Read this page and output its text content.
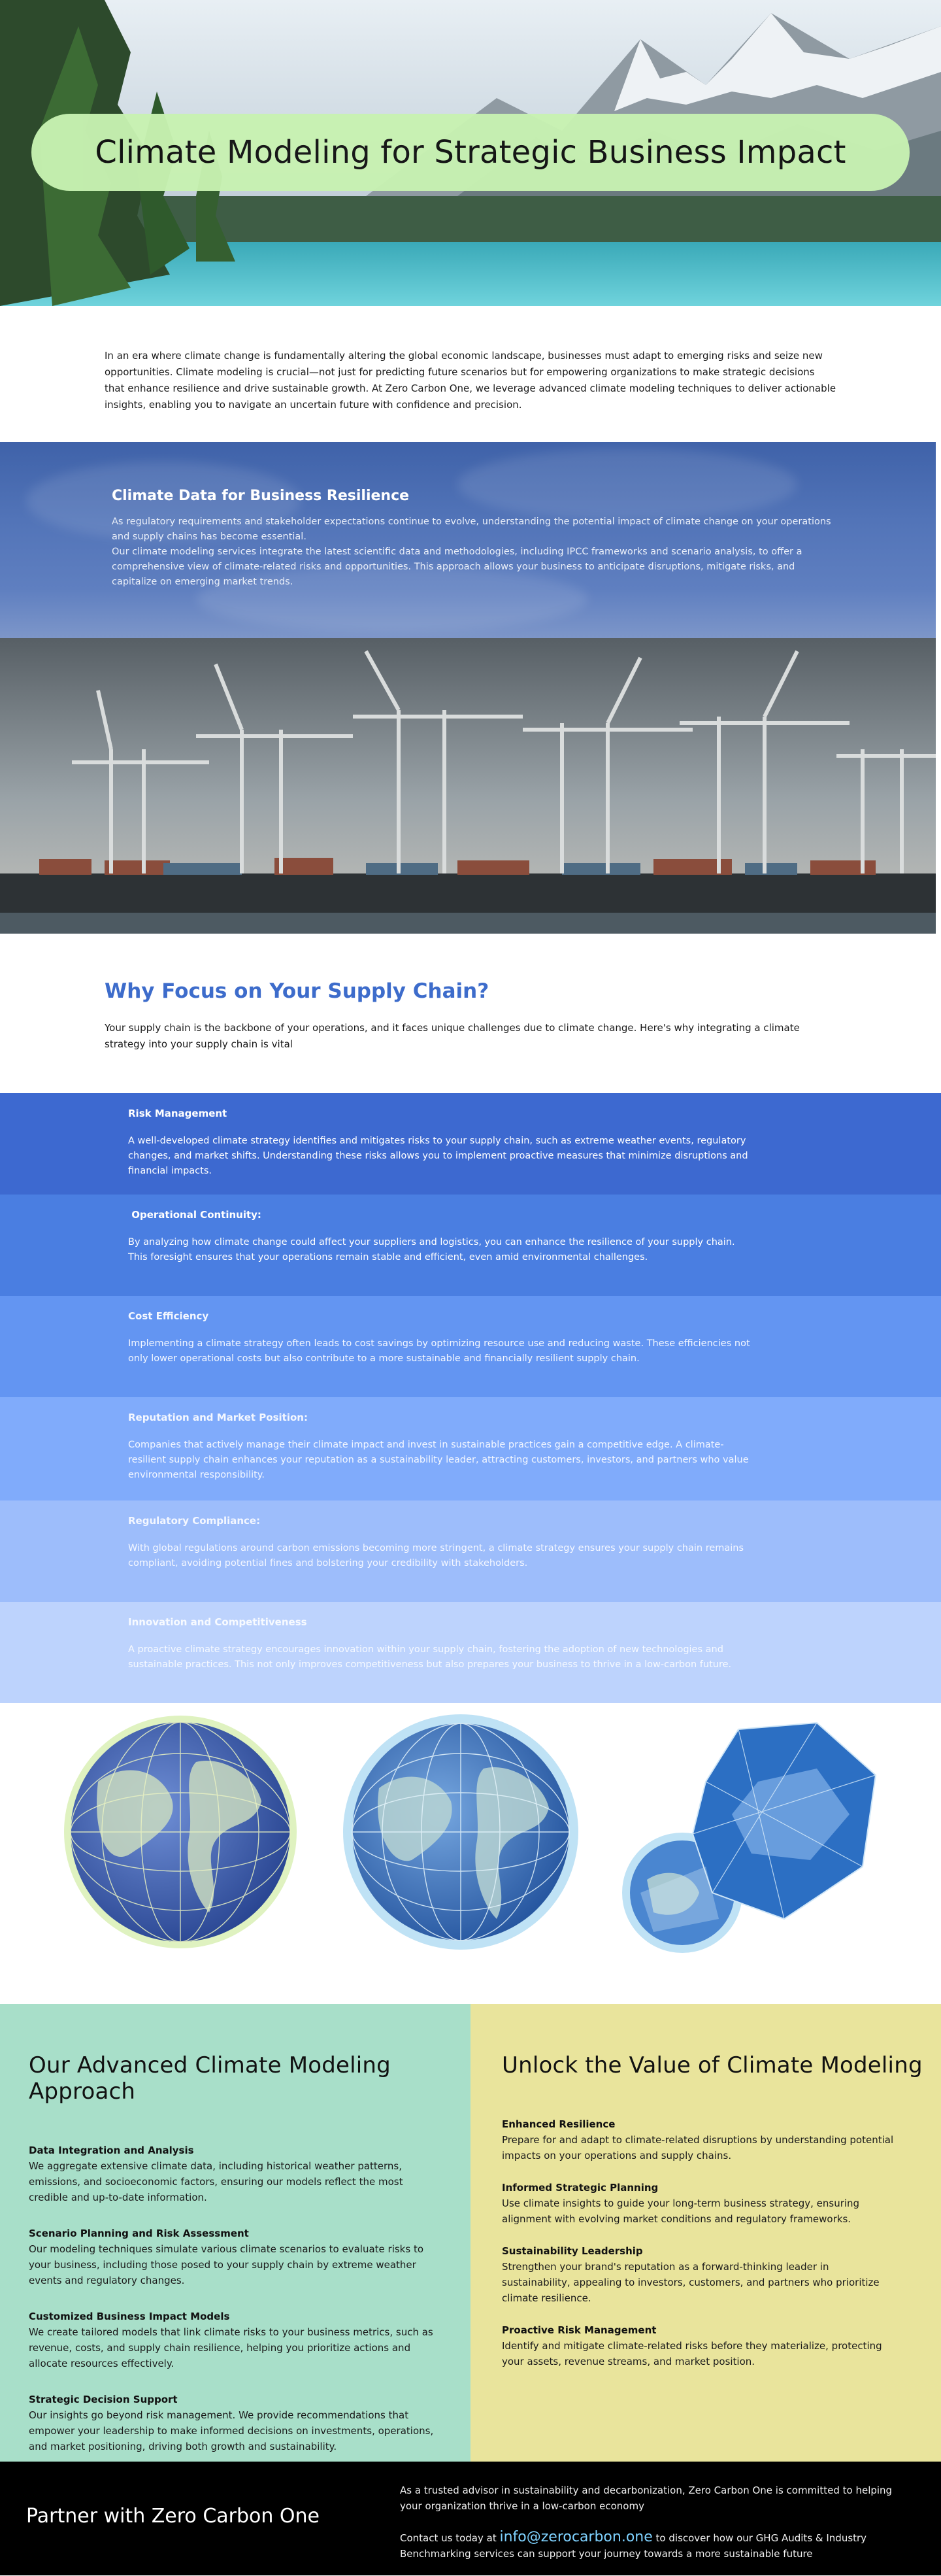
Climate Modeling for Strategic Business Impact

In an era where climate change is fundamentally altering the global economic landscape, businesses must adapt to emerging risks and seize new opportunities. Climate modeling is crucial—not just for predicting future scenarios but for empowering organizations to make strategic decisions that enhance resilience and drive sustainable growth. At Zero Carbon One, we leverage advanced climate modeling techniques to deliver actionable insights, enabling you to navigate an uncertain future with confidence and precision.

Climate Data for Business Resilience

As regulatory requirements and stakeholder expectations continue to evolve, understanding the potential impact of climate change on your operations and supply chains has become essential.

Our climate modeling services integrate the latest scientific data and methodologies, including IPCC frameworks and scenario analysis, to offer a comprehensive view of climate-related risks and opportunities. This approach allows your business to anticipate disruptions, mitigate risks, and capitalize on emerging market trends.

Why Focus on Your Supply Chain?

Your supply chain is the backbone of your operations, and it faces unique challenges due to climate change. Here's why integrating a climate strategy into your supply chain is vital

Risk Management

A well-developed climate strategy identifies and mitigates risks to your supply chain, such as extreme weather events, regulatory changes, and market shifts. Understanding these risks allows you to implement proactive measures that minimize disruptions and financial impacts.

Operational Continuity:

By analyzing how climate change could affect your suppliers and logistics, you can enhance the resilience of your supply chain. This foresight ensures that your operations remain stable and efficient, even amid environmental challenges.

Cost Efficiency

Implementing a climate strategy often leads to cost savings by optimizing resource use and reducing waste. These efficiencies not only lower operational costs but also contribute to a more sustainable and financially resilient supply chain.

Reputation and Market Position:

Companies that actively manage their climate impact and invest in sustainable practices gain a competitive edge. A climate-resilient supply chain enhances your reputation as a sustainability leader, attracting customers, investors, and partners who value environmental responsibility.

Regulatory Compliance:

With global regulations around carbon emissions becoming more stringent, a climate strategy ensures your supply chain remains compliant, avoiding potential fines and bolstering your credibility with stakeholders.

Innovation and Competitiveness

A proactive climate strategy encourages innovation within your supply chain, fostering the adoption of new technologies and sustainable practices. This not only improves competitiveness but also prepares your business to thrive in a low-carbon future.

Our Advanced Climate Modeling Approach
Data Integration and Analysis

We aggregate extensive climate data, including historical weather patterns, emissions, and socioeconomic factors, ensuring our models reflect the most credible and up-to-date information.

Scenario Planning and Risk Assessment

Our modeling techniques simulate various climate scenarios to evaluate risks to your business, including those posed to your supply chain by extreme weather events and regulatory changes.

Customized Business Impact Models

We create tailored models that link climate risks to your business metrics, such as revenue, costs, and supply chain resilience, helping you prioritize actions and allocate resources effectively.

Strategic Decision Support

Our insights go beyond risk management. We provide recommendations that empower your leadership to make informed decisions on investments, operations, and market positioning, driving both growth and sustainability.

Unlock the Value of Climate Modeling
Enhanced Resilience

Prepare for and adapt to climate-related disruptions by understanding potential impacts on your operations and supply chains.

Informed Strategic Planning

Use climate insights to guide your long-term business strategy, ensuring alignment with evolving market conditions and regulatory frameworks.

Sustainability Leadership

Strengthen your brand's reputation as a forward-thinking leader in sustainability, appealing to investors, customers, and partners who prioritize climate resilience.

Proactive Risk Management

Identify and mitigate climate-related risks before they materialize, protecting your assets, revenue streams, and market position.

Partner with Zero Carbon One

As a trusted advisor in sustainability and decarbonization, Zero Carbon One is committed to helping your organization thrive in a low-carbon economy

Contact us today at info@zerocarbon.one to discover how our GHG Audits & Industry Benchmarking services can support your journey towards a more sustainable future
